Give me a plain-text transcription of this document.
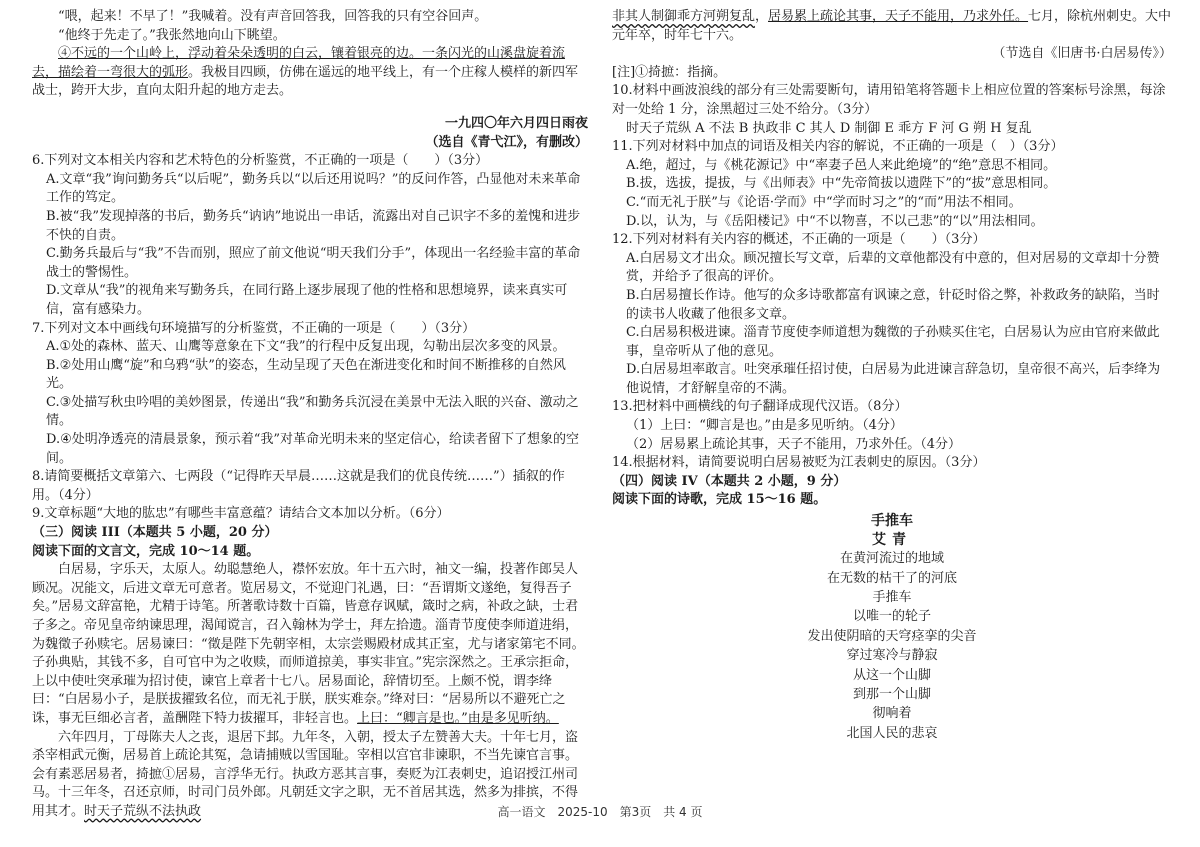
“喂，起来！不早了！”我喊着。没有声音回答我，回答我的只有空谷回声。

“他终于先走了。”我张然地向山下眺望。

④不远的一个山岭上，浮动着朵朵透明的白云，镶着银亮的边。一条闪光的山溪盘旋着流去，描绘着一弯很大的弧形。我极目四顾，仿佛在遥远的地平线上，有一个庄稼人模样的新四军战士，跨开大步，直向太阳升起的地方走去。

一九四〇年六月四日雨夜

（选自《青弋江》，有删改）

6.下列对文本相关内容和艺术特色的分析鉴赏，不正确的一项是（　　）（3分）

A.文章“我”询问勤务兵“以后呢”，勤务兵以“以后还用说吗？”的反问作答，凸显他对未来革命工作的笃定。

B.被“我”发现掉落的书后，勤务兵“讷讷”地说出一串话，流露出对自己识字不多的羞愧和进步不快的自责。

C.勤务兵最后与“我”不告而别，照应了前文他说“明天我们分手”，体现出一名经验丰富的革命战士的警惕性。

D.文章从“我”的视角来写勤务兵，在同行路上逐步展现了他的性格和思想境界，读来真实可信，富有感染力。

7.下列对文本中画线句环境描写的分析鉴赏，不正确的一项是（　　）（3分）

A.①处的森林、蓝天、山鹰等意象在下文“我”的行程中反复出现，勾勒出层次多变的风景。

B.②处用山鹰“旋”和乌鸦“驮”的姿态，生动呈现了天色在渐进变化和时间不断推移的自然风光。

C.③处描写秋虫吟唱的美妙图景，传递出“我”和勤务兵沉浸在美景中无法入眠的兴奋、激动之情。

D.④处明净透亮的清晨景象，预示着“我”对革命光明未来的坚定信心，给读者留下了想象的空间。

8.请简要概括文章第六、七两段（“记得昨天早晨……这就是我们的优良传统……”）插叙的作用。（4分）

9.文章标题“大地的肱忠”有哪些丰富意蕴？请结合文本加以分析。（6分）

（三）阅读 III（本题共 5 小题，20 分）

阅读下面的文言文，完成 10～14 题。

白居易，字乐天，太原人。幼聪慧绝人，襟怀宏放。年十五六时，袖文一编，投著作郎吴人顾况。况能文，后进文章无可意者。览居易文，不觉迎门礼遇，曰：“吾谓斯文遂绝，复得吾子矣。”居易文辞富艳，尤精于诗笔。所著歌诗数十百篇，皆意存讽赋，箴时之病，补政之缺，士君子多之。帝见皇帝纳谏思理，渴闻谠言，召入翰林为学士，拜左拾遗。淄青节度使李师道进绢，为魏徵子孙赎宅。居易谏曰：“徵是陛下先朝宰相，太宗尝赐殿材成其正室，尤与诸家第宅不同。子孙典贴，其钱不多，自可官中为之收赎，而师道掠美，事实非宜。”宪宗深然之。王承宗拒命，上以中使吐突承璀为招讨使，谏官上章者十七八。居易面论，辞情切至。上颇不悦，谓李绛曰：“白居易小子，是朕拔擢致名位，而无礼于朕，朕实难奈。”绛对曰：“居易所以不避死亡之诛，事无巨细必言者，盖酬陛下特力拔擢耳，非轻言也。上曰：“卿言是也。”由是多见听纳。

六年四月，丁母陈夫人之丧，退居下邽。九年冬，入朝，授太子左赞善大夫。十年七月，盗杀宰相武元衡，居易首上疏论其冤，急请捕贼以雪国耻。宰相以宫官非谏职，不当先谏官言事。会有素恶居易者，掎摭①居易，言浮华无行。执政方恶其言事，奏贬为江表刺史，追诏授江州司马。十三年冬，召还京师，时司门员外郎。凡朝廷文字之职，无不首居其选，然多为排摈，不得用其才。时天子荒纵不法执政

非其人制御乖方河朔复乱，居易累上疏论其事，天子不能用，乃求外任。七月，除杭州刺史。大中元年卒，时年七十六。

（节选自《旧唐书·白居易传》）

[注]①掎摭：指摘。

10.材料中画波浪线的部分有三处需要断句，请用铅笔将答题卡上相应位置的答案标号涂黑，每涂对一处给 1 分，涂黑超过三处不给分。（3分）

时天子荒纵 A 不法 B 执政非 C 其人 D 制御 E 乖方 F 河 G 朔 H 复乱

11.下列对材料中加点的词语及相关内容的解说，不正确的一项是（　）（3分）

A.绝，超过，与《桃花源记》中“率妻子邑人来此绝境”的“绝”意思不相同。

B.拔，选拔，提拔，与《出师表》中“先帝简拔以遗陛下”的“拔”意思相同。

C.“而无礼于朕”与《论语·学而》中“学而时习之”的“而”用法不相同。

D.以，认为，与《岳阳楼记》中“不以物喜，不以己悲”的“以”用法相同。

12.下列对材料有关内容的概述，不正确的一项是（　　）（3分）

A.白居易文才出众。顾况擅长写文章，后辈的文章他都没有中意的，但对居易的文章却十分赞赏，并给予了很高的评价。

B.白居易擅长作诗。他写的众多诗歌都富有讽谏之意，针砭时俗之弊，补救政务的缺陷，当时的读书人收藏了他很多文章。

C.白居易积极进谏。淄青节度使李师道想为魏徵的子孙赎买住宅，白居易认为应由官府来做此事，皇帝听从了他的意见。

D.白居易坦率敢言。吐突承璀任招讨使，白居易为此进谏言辞急切，皇帝很不高兴，后李绛为他说情，才舒解皇帝的不满。

13.把材料中画横线的句子翻译成现代汉语。（8分）

（1）上曰：“卿言是也。”由是多见听纳。（4分）

（2）居易累上疏论其事，天子不能用，乃求外任。（4分）

14.根据材料，请简要说明白居易被贬为江表刺史的原因。（3分）

（四）阅读 IV（本题共 2 小题，9 分）

阅读下面的诗歌，完成 15～16 题。

手推车

艾青

在黄河流过的地域

在无数的枯干了的河底

手推车

以唯一的轮子

发出使阴暗的天穹痉挛的尖音

穿过寒冷与静寂

从这一个山脚

到那一个山脚

彻响着

北国人民的悲哀

高一语文　2025-10　第3页　共 4 页
